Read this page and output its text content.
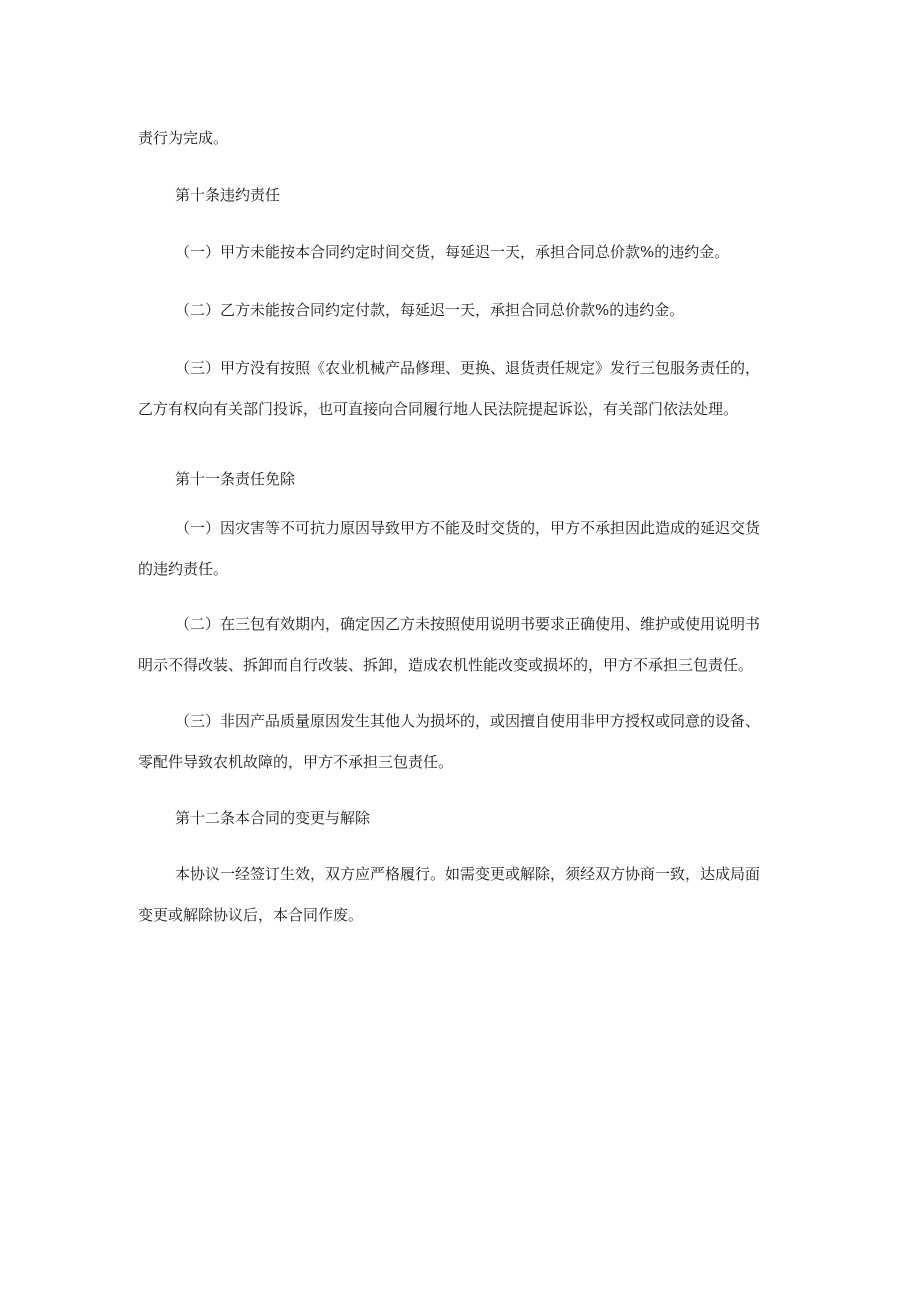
责行为完成。

第十条违约责任

（一）甲方未能按本合同约定时间交货，每延迟一天，承担合同总价款%的违约金。

（二）乙方未能按合同约定付款，每延迟一天，承担合同总价款%的违约金。

（三）甲方没有按照《农业机械产品修理、更换、退货责任规定》发行三包服务责任的，
乙方有权向有关部门投诉，也可直接向合同履行地人民法院提起诉讼，有关部门依法处理。

第十一条责任免除

（一）因灾害等不可抗力原因导致甲方不能及时交货的，甲方不承担因此造成的延迟交货
的违约责任。

（二）在三包有效期内，确定因乙方未按照使用说明书要求正确使用、维护或使用说明书
明示不得改装、拆卸而自行改装、拆卸，造成农机性能改变或损坏的，甲方不承担三包责任。

（三）非因产品质量原因发生其他人为损坏的，或因擅自使用非甲方授权或同意的设备、
零配件导致农机故障的，甲方不承担三包责任。

第十二条本合同的变更与解除

本协议一经签订生效，双方应严格履行。如需变更或解除，须经双方协商一致，达成局面
变更或解除协议后，本合同作废。
